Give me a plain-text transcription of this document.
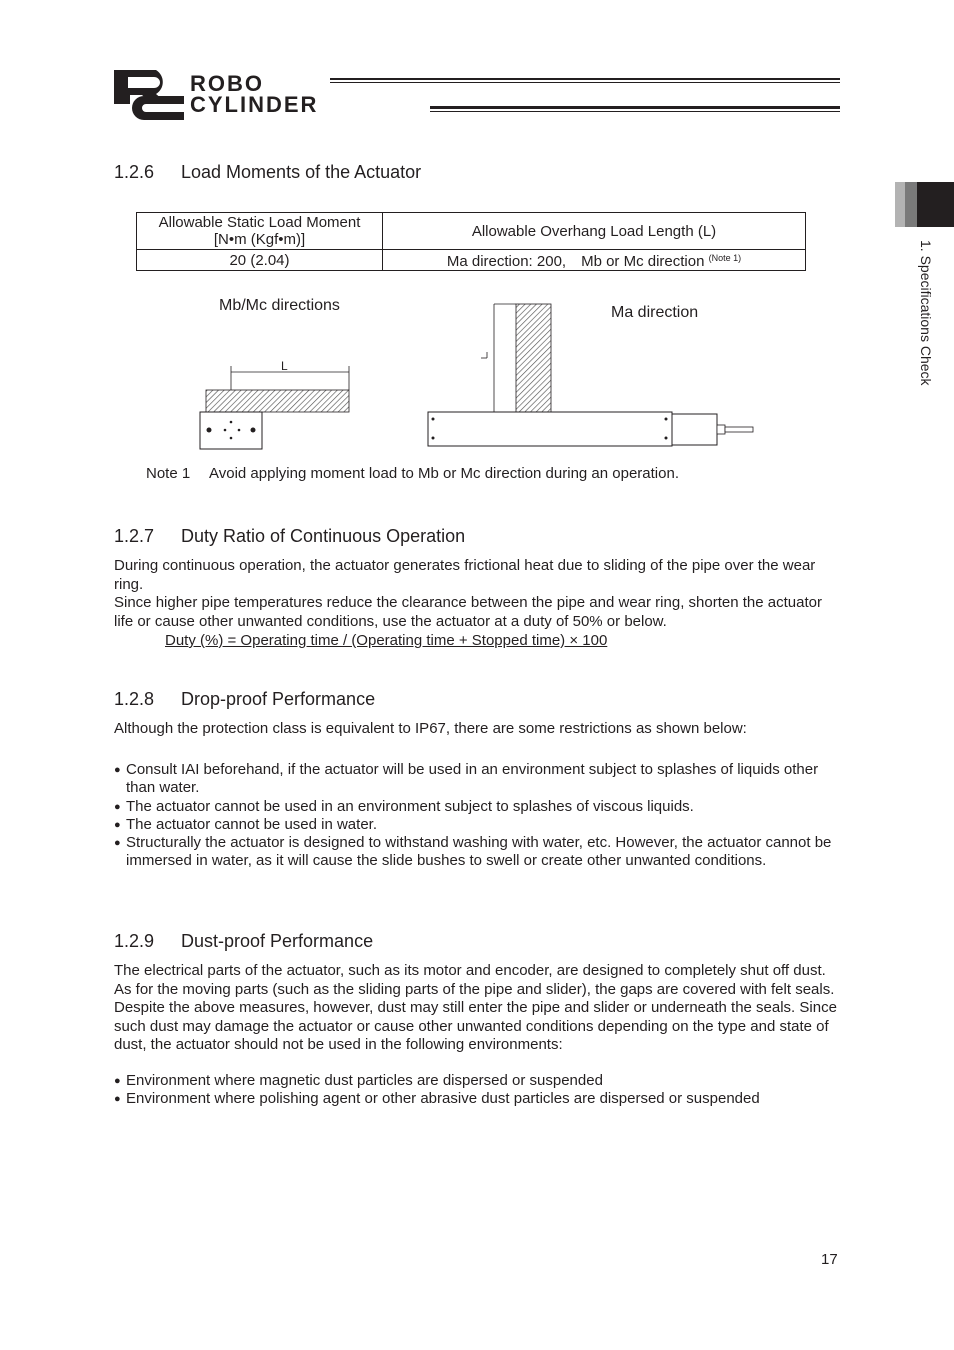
ROBO
CYLINDER
1. Specifications Check
1.2.6 Load Moments of the Actuator
Allowable Static Load Moment
[N•m (Kgf•m)]	Allowable Overhang Load Length (L)
20 (2.04)	Ma direction: 200, Mb or Mc direction $^{(Note 1)}$
Mb/Mc directions	Ma direction
L
Note 1 Avoid applying moment load to Mb or Mc direction during an operation.
1.2.7 Duty Ratio of Continuous Operation

During continuous operation, the actuator generates frictional heat due to sliding of the pipe over the wear ring.

Since higher pipe temperatures reduce the clearance between the pipe and wear ring, shorten the actuator life or cause other unwanted conditions, use the actuator at a duty of 50% or below.

Duty (%) = Operating time / (Operating time + Stopped time) × 100

1.2.8 Drop-proof Performance
Although the protection class is equivalent to IP67, there are some restrictions as shown below:
● Consult IAI beforehand, if the actuator will be used in an environment subject to splashes of liquids other than water.
● The actuator cannot be used in an environment subject to splashes of viscous liquids.
● The actuator cannot be used in water.
● Structurally the actuator is designed to withstand washing with water, etc. However, the actuator cannot be immersed in water, as it will cause the slide bushes to swell or create other unwanted conditions.
1.2.9 Dust-proof Performance

The electrical parts of the actuator, such as its motor and encoder, are designed to completely shut off dust. As for the moving parts (such as the sliding parts of the pipe and slider), the gaps are covered with felt seals. Despite the above measures, however, dust may still enter the pipe and slider or underneath the seals. Since such dust may damage the actuator or cause other unwanted conditions depending on the type and state of dust, the actuator should not be used in the following environments:

● Environment where magnetic dust particles are dispersed or suspended
● Environment where polishing agent or other abrasive dust particles are dispersed or suspended
17
